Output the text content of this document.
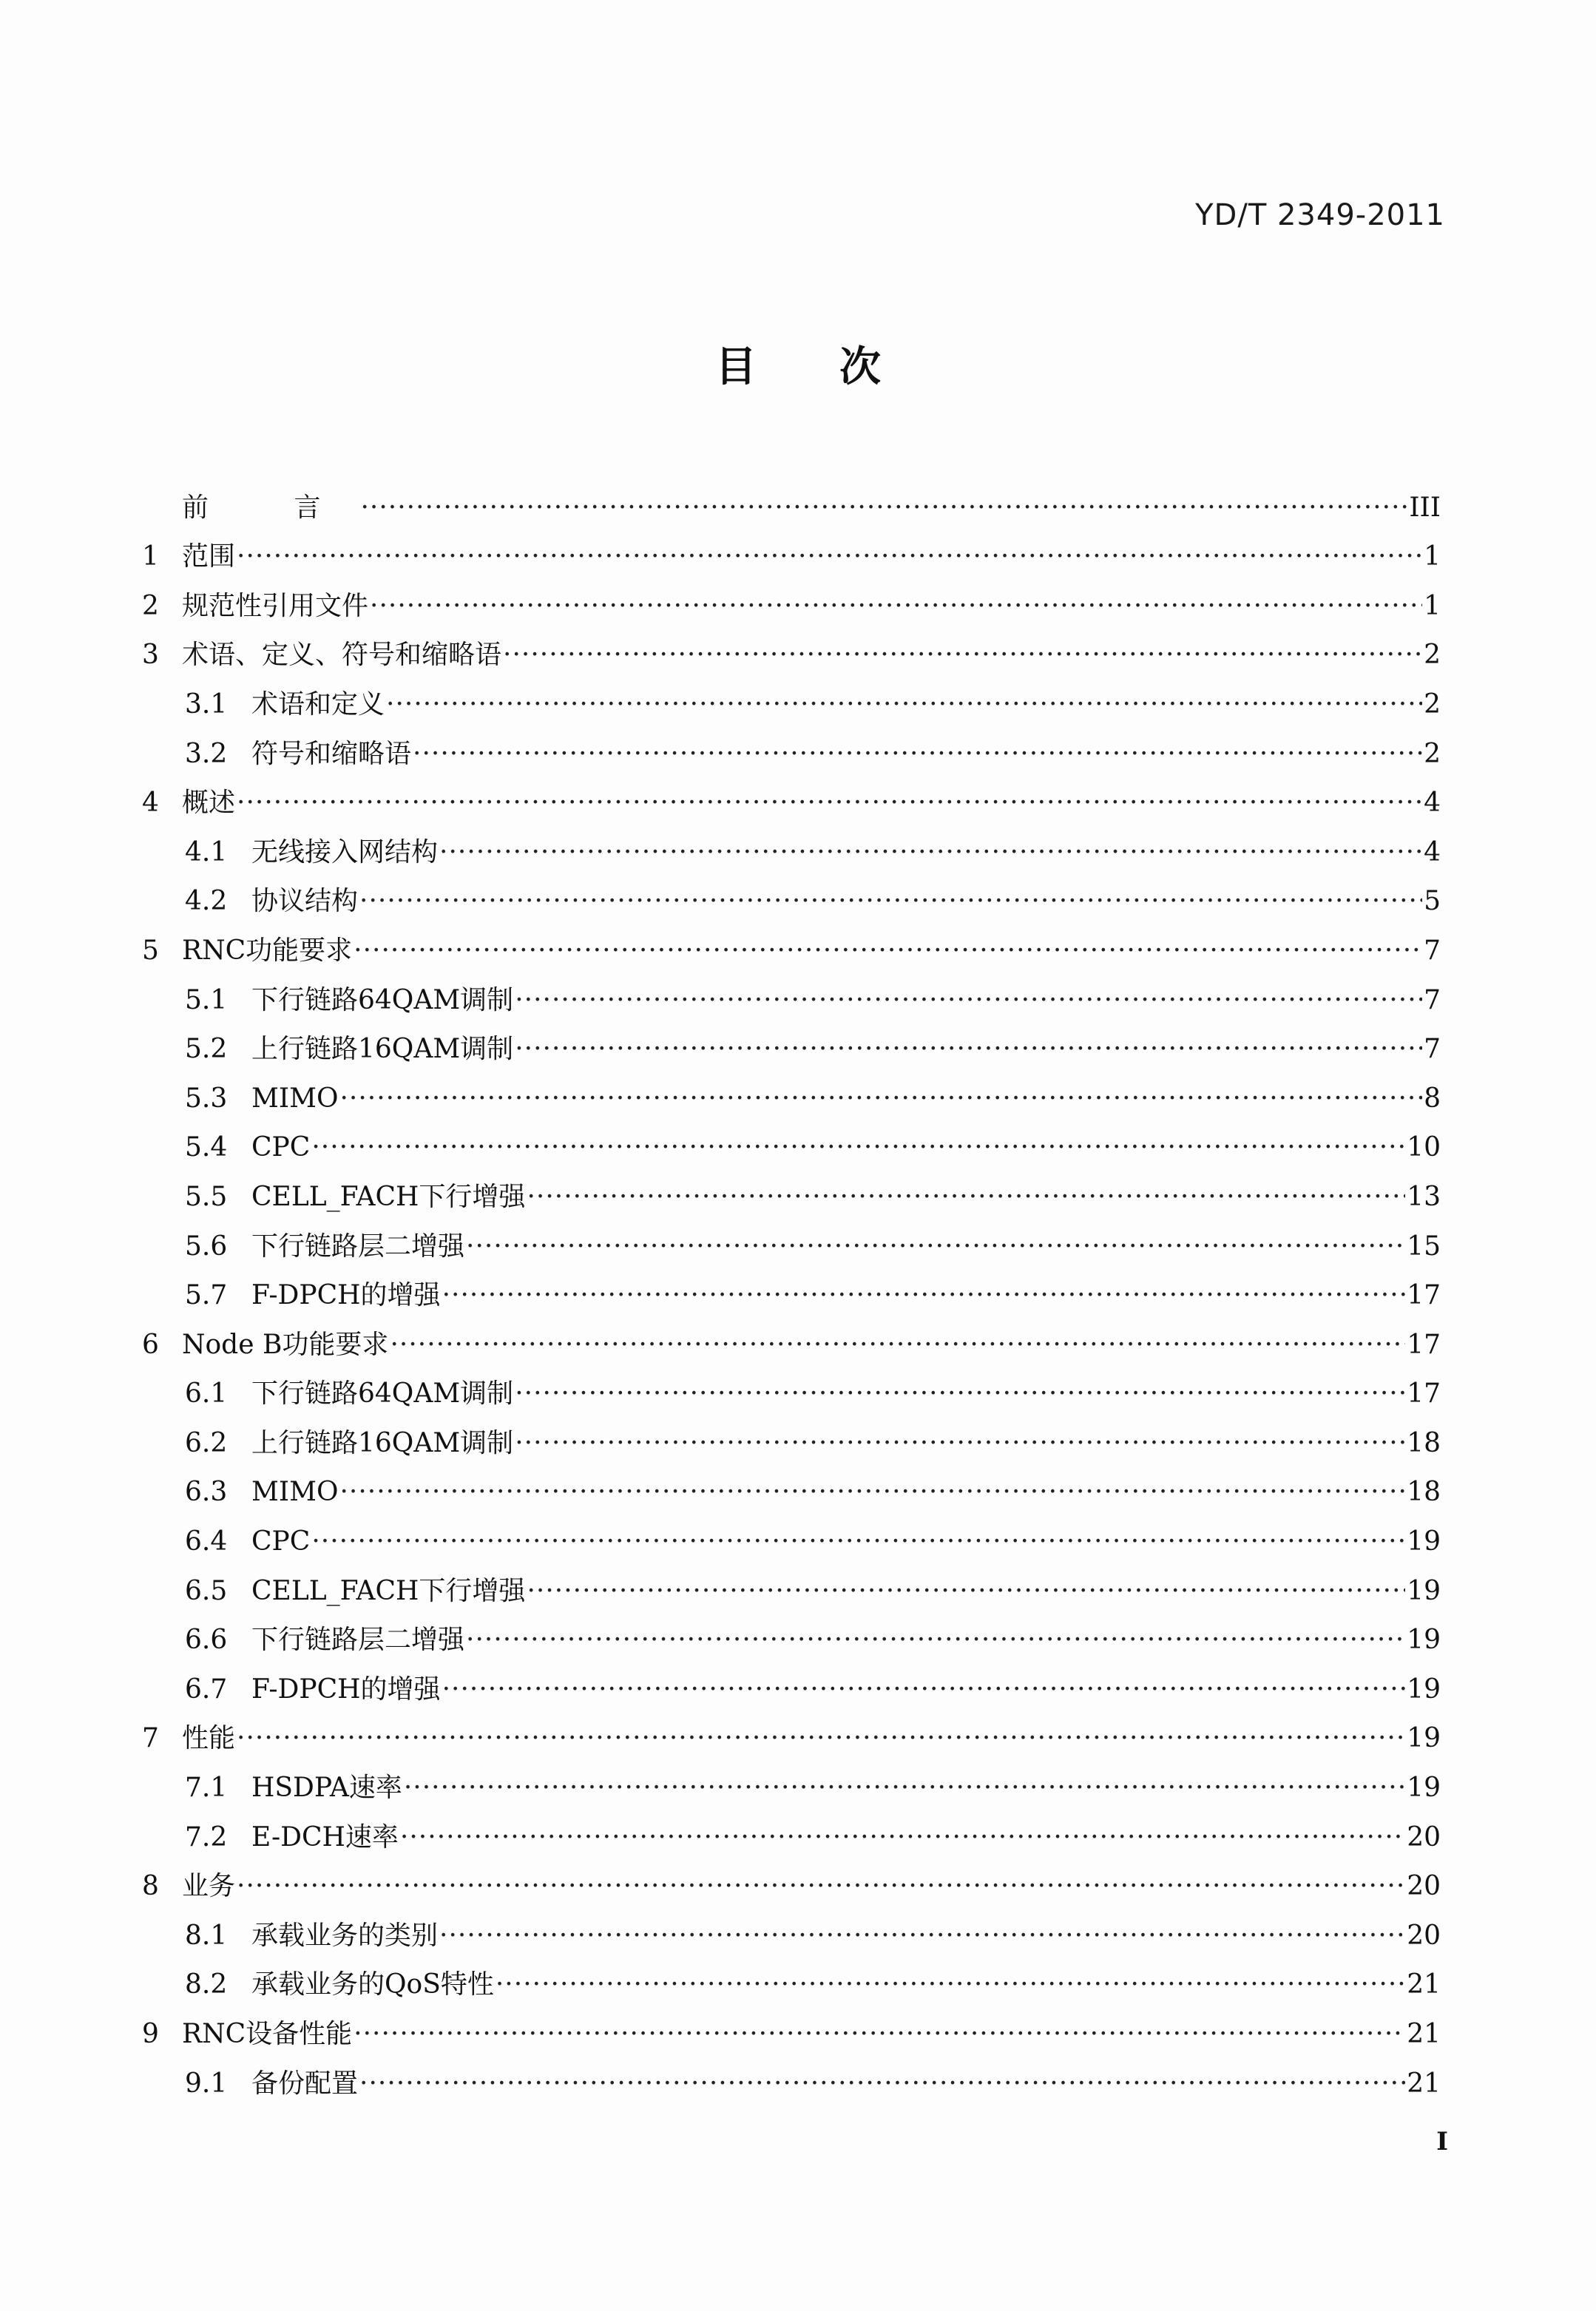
YD/T 2349-2011
目 次
前 言 ·····	III
1 范围 ·····	1
2 规范性引用文件 ·····	1
3 术语、定义、符号和缩略语 ·····	2
3.1 术语和定义 ·····	2
3.2 符号和缩略语 ·····	2
4 概述 ·····	4
4.1 无线接入网结构 ·····	4
4.2 协议结构 ·····	5
5 RNC功能要求 ·····	7
5.1 下行链路64QAM调制 ·····	7
5.2 上行链路16QAM调制 ·····	7
5.3 MIMO ·····	8
5.4 CPC ·····	10
5.5 CELL_FACH下行增强 ·····	13
5.6 下行链路层二增强 ·····	15
5.7 F-DPCH的增强 ·····	17
6 Node B功能要求 ·····	17
6.1 下行链路64QAM调制 ·····	17
6.2 上行链路16QAM调制 ·····	18
6.3 MIMO ·····	18
6.4 CPC ·····	19
6.5 CELL_FACH下行增强 ·····	19
6.6 下行链路层二增强 ·····	19
6.7 F-DPCH的增强 ·····	19
7 性能 ·····	19
7.1 HSDPA速率 ·····	19
7.2 E-DCH速率 ·····	20
8 业务 ·····	20
8.1 承载业务的类别 ·····	20
8.2 承载业务的QoS特性 ·····	21
9 RNC设备性能 ·····	21
9.1 备份配置 ·····	21
I
